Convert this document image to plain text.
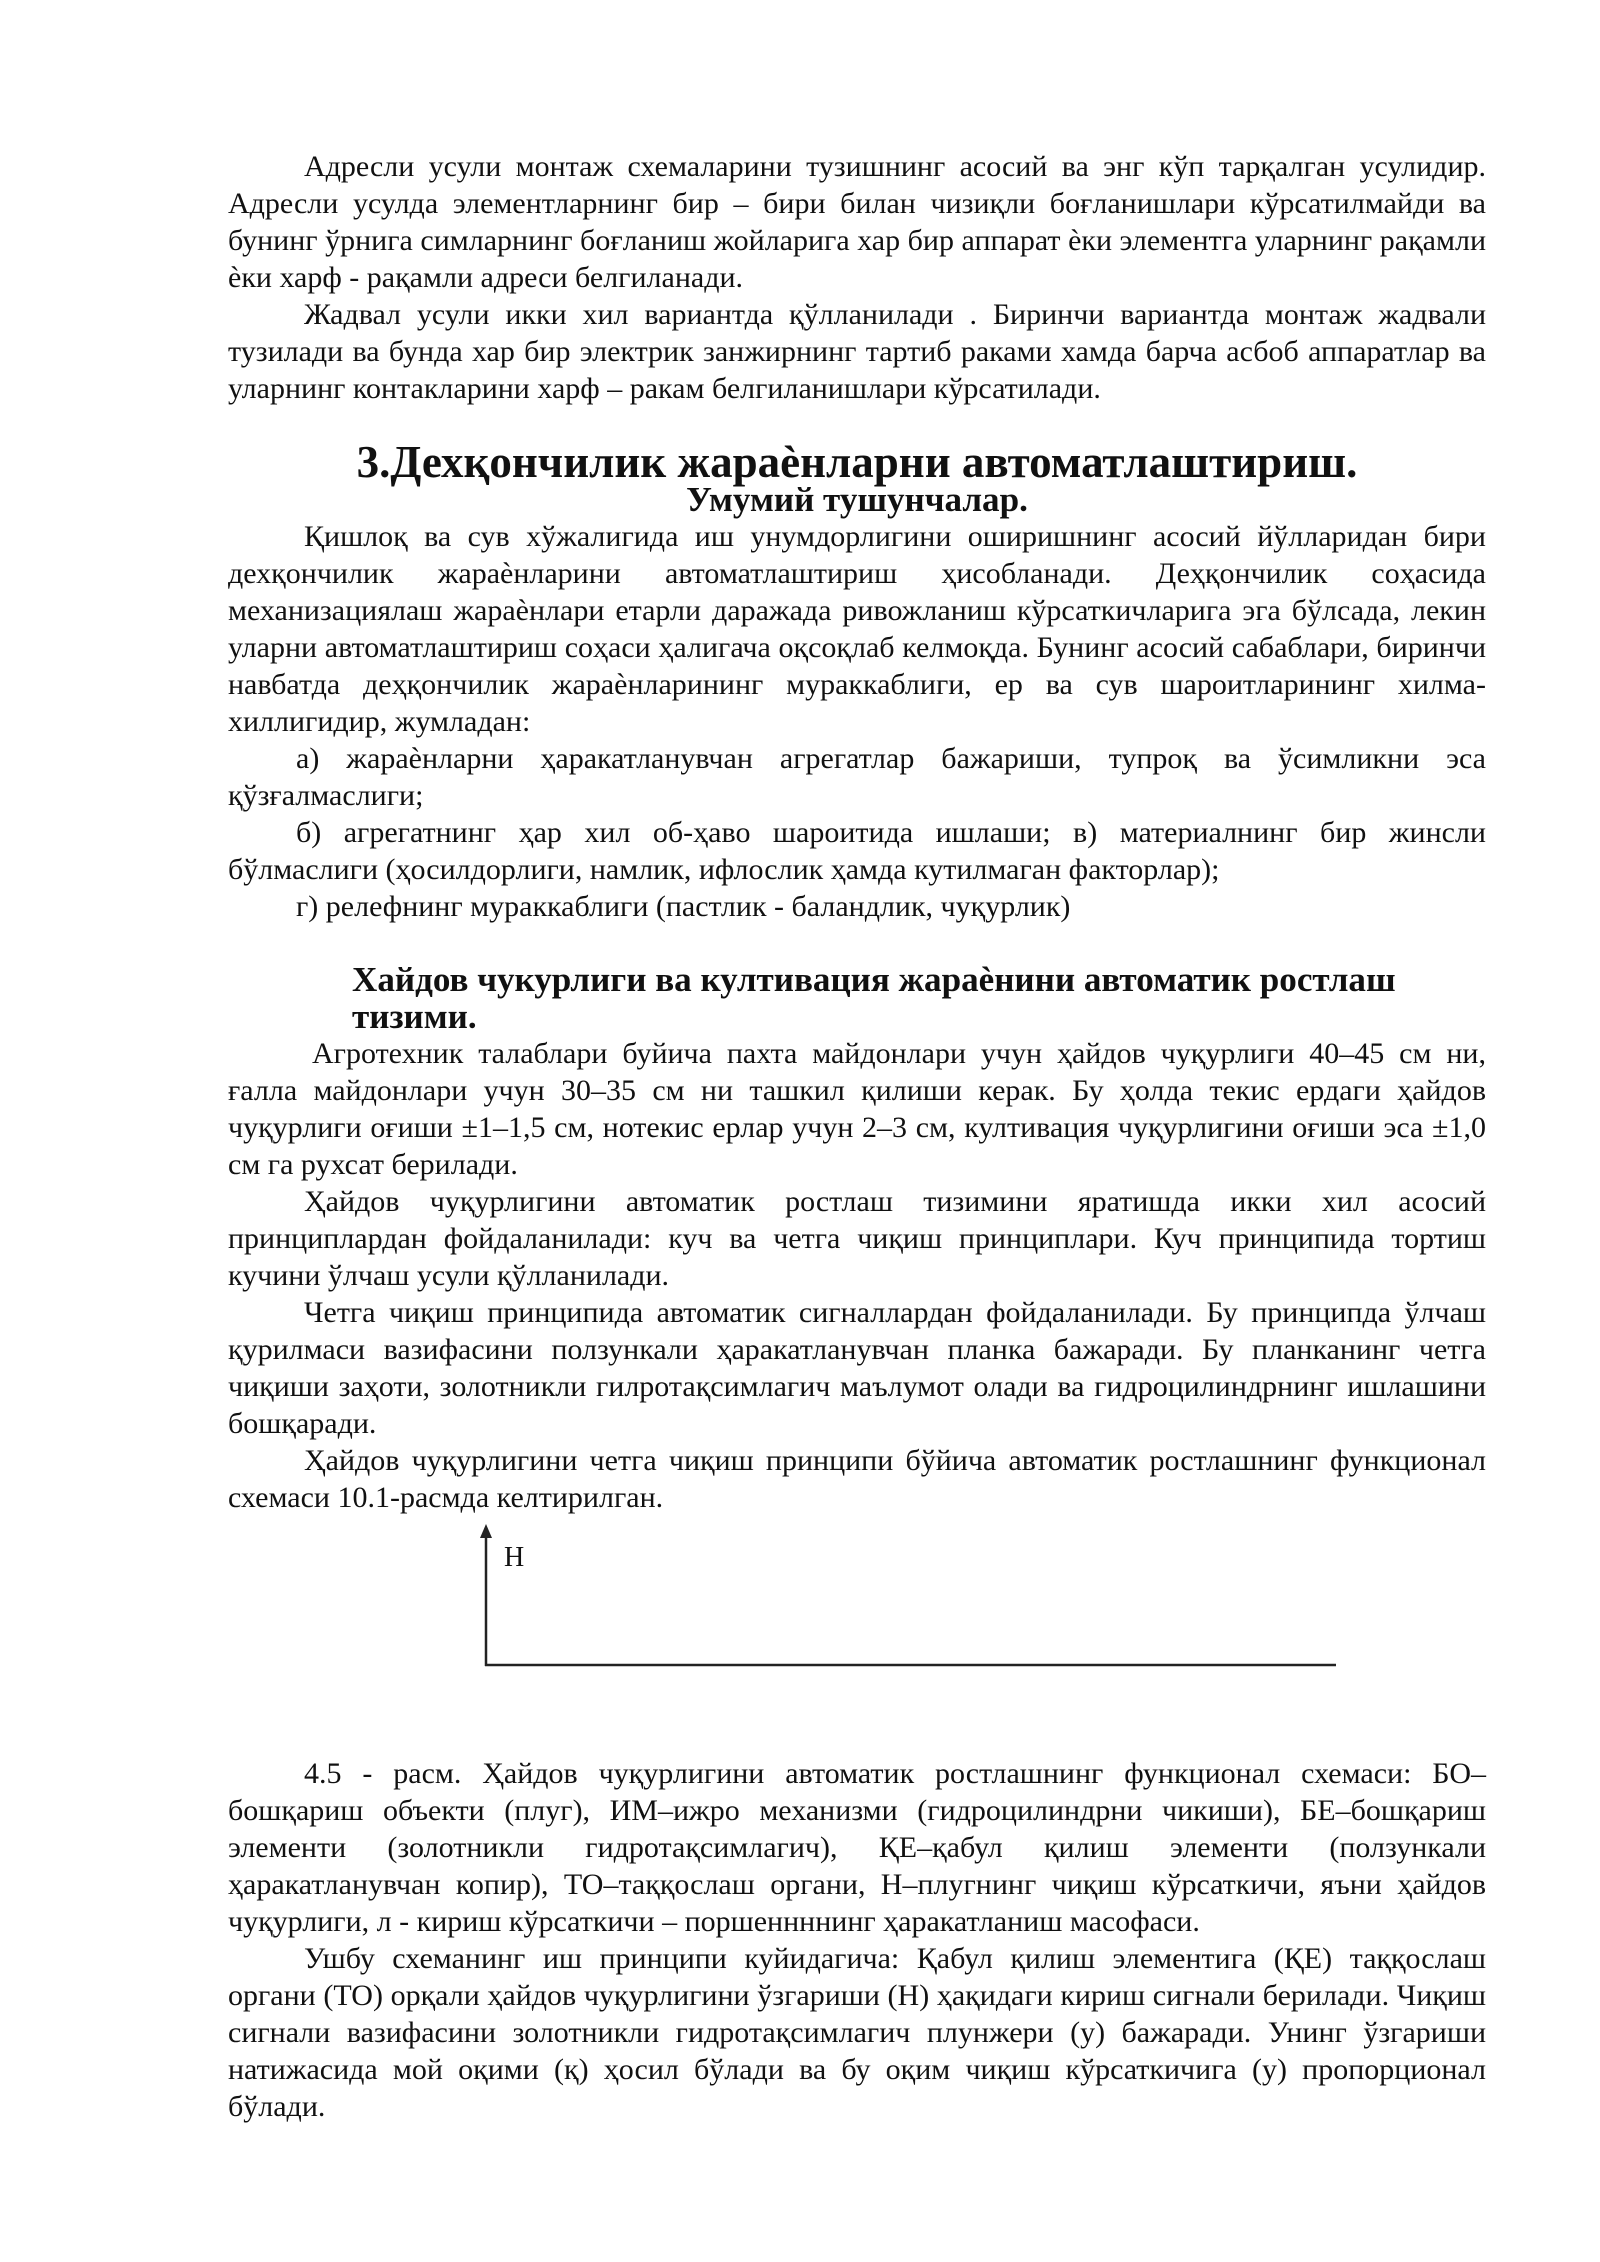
Адресли усули монтаж схемаларини тузишнинг асосий ва энг кўп тарқалган усулидир. Адресли усулда элементларнинг бир – бири билан чизиқли боғланишлари кўрсатилмайди ва бунинг ўрнига симларнинг боғланиш жойларига хар бир аппарат èки элементга уларнинг рақамли èки харф - рақамли адреси белгиланади.

Жадвал усули икки хил вариантда қўлланилади . Биринчи вариантда монтаж жадвали тузилади ва бунда хар бир электрик занжирнинг тартиб раками хамда барча асбоб аппаратлар ва уларнинг контакларини харф – ракам белгиланишлари кўрсатилади.

3.Дехқончилик жараèнларни автоматлаштириш.
Умумий тушунчалар.

Қишлоқ ва сув хўжалигида иш унумдорлигини оширишнинг асосий йўлларидан бири дехқончилик жараèнларини автоматлаштириш ҳисобланади. Деҳқончилик соҳасида механизациялаш жараèнлари етарли даражада ривожланиш кўрсаткичларига эга бўлсада, лекин уларни автоматлаштириш соҳаси ҳалигача оқсоқлаб келмоқда. Бунинг асосий сабаблари, биринчи навбатда деҳқончилик жараèнларининг мураккаблиги, ер ва сув шароитларининг хилма-хиллигидир, жумладан:

а) жараèнларни ҳаракатланувчан агрегатлар бажариши, тупроқ ва ўсимликни эса қўзғалмаслиги;

б) агрегатнинг ҳар хил об-ҳаво шароитида ишлаши; в) материалнинг бир жинсли бўлмаслиги (ҳосилдорлиги, намлик, ифлослик ҳамда кутилмаган факторлар);

г) релефнинг мураккаблиги (пастлик - баландлик, чуқурлик)

Хайдов чукурлиги ва култивация жараèнини автоматик ростлаш тизими.

Агротехник талаблари буйича пахта майдонлари учун ҳайдов чуқурлиги 40–45 см ни, ғалла майдонлари учун 30–35 см ни ташкил қилиши керак. Бу ҳолда текис ердаги ҳайдов чуқурлиги оғиши ±1–1,5 см, нотекис ерлар учун 2–3 см, култивация чуқурлигини оғиши эса ±1,0 см га рухсат берилади.

Ҳайдов чуқурлигини автоматик ростлаш тизимини яратишда икки хил асосий принциплардан фойдаланилади: куч ва четга чиқиш принциплари. Куч принципида тортиш кучини ўлчаш усули қўлланилади.

Четга чиқиш принципида автоматик сигналлардан фойдаланилади. Бу принципда ўлчаш қурилмаси вазифасини ползункали ҳаракатланувчан планка бажаради. Бу планканинг четга чиқиши заҳоти, золотникли гилротақсимлагич маълумот олади ва гидроцилиндрнинг ишлашини бошқаради.

Ҳайдов чуқурлигини четга чиқиш принципи бўйича автоматик ростлашнинг функционал схемаси 10.1-расмда келтирилган.

H

4.5 - расм. Ҳайдов чуқурлигини автоматик ростлашнинг функционал схемаси: БО–бошқариш объекти (плуг), ИМ–ижро механизми (гидроцилиндрни чикиши), БЕ–бошқариш элементи (золотникли гидротақсимлагич), ҚЕ–қабул қилиш элементи (ползункали ҳаракатланувчан копир), ТО–таққослаш органи, Н–плугнинг чиқиш кўрсаткичи, яъни ҳайдов чуқурлиги, л - кириш кўрсаткичи – поршеннннинг ҳаракатланиш масофаси.

Ушбу схеманинг иш принципи куйидагича: Қабул қилиш элементига (ҚЕ) таққослаш органи (ТО) орқали ҳайдов чуқурлигини ўзгариши (Н) ҳақидаги кириш сигнали берилади. Чиқиш сигнали вазифасини золотникли гидротақсимлагич плунжери (у) бажаради. Унинг ўзгариши натижасида мой оқими (қ) ҳосил бўлади ва бу оқим чиқиш кўрсаткичига (у) пропорционал бўлади.
